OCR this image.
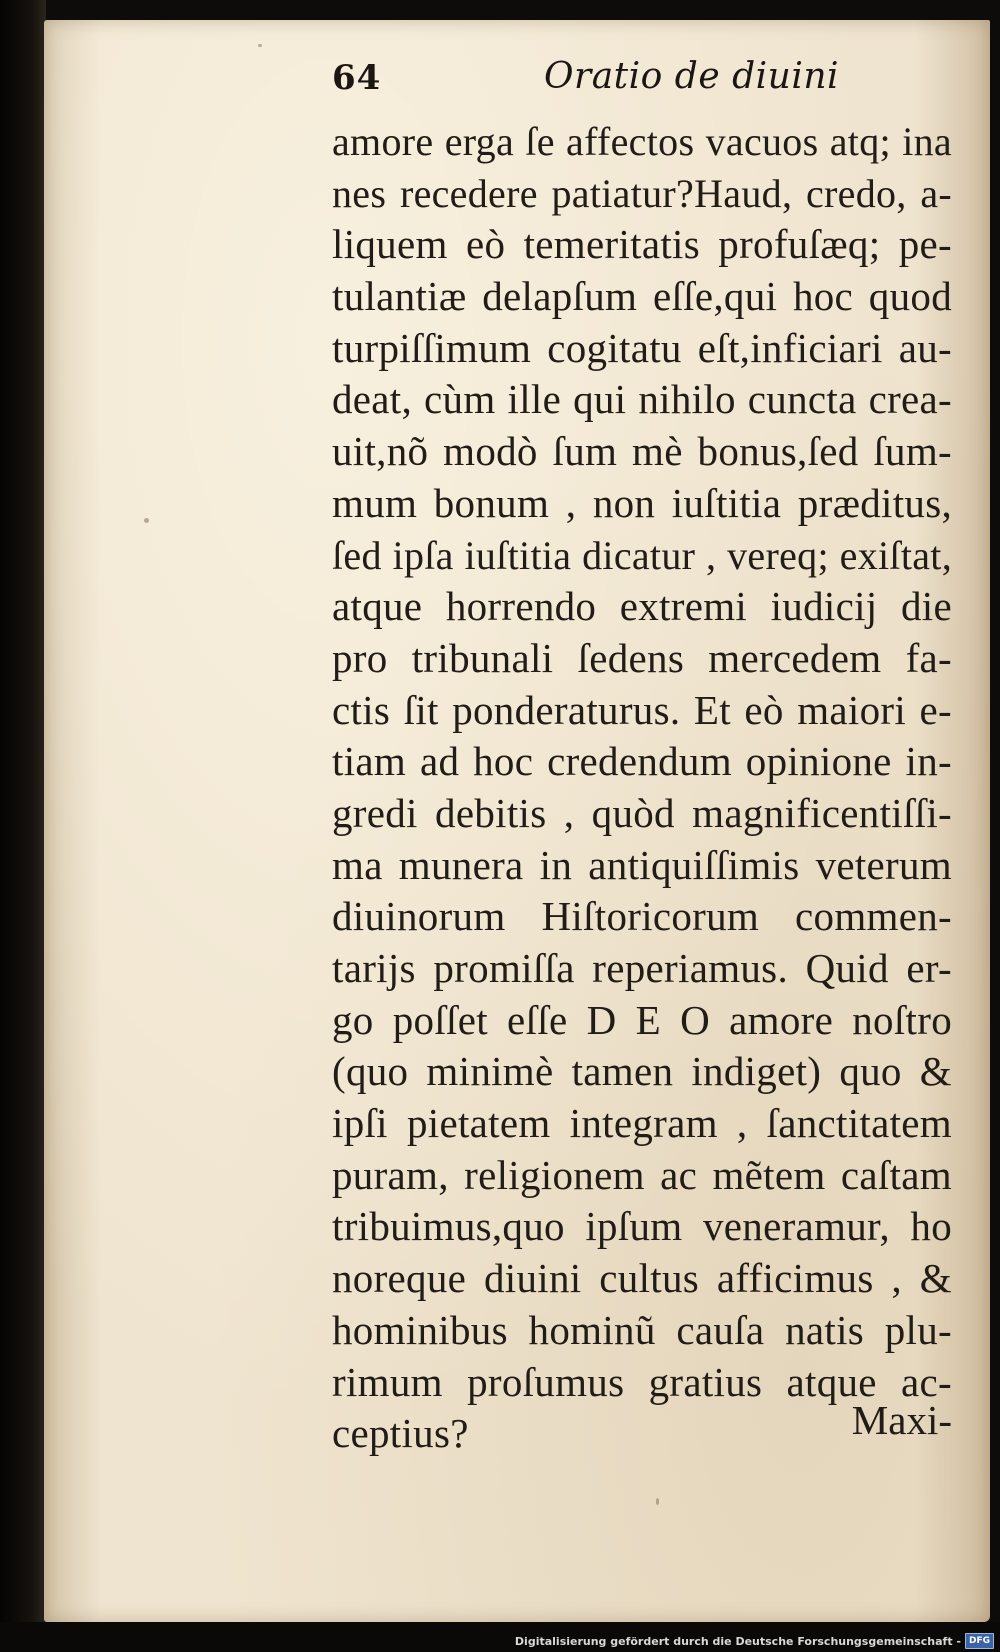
64	Oratio de diuini
amore erga ſe affectos vacuos atq; ina
nes recedere patiatur?Haud, credo, a-
liquem eò temeritatis profuſæq; pe-
tulantiæ delapſum eſſe,qui hoc quod
turpiſſimum cogitatu eſt,inficiari au-
deat, cùm ille qui nihilo cuncta crea-
uit,nõ modò ſum mè bonus,ſed ſum-
mum bonum , non iuſtitia præditus,
ſed ipſa iuſtitia dicatur , vereq; exiſtat,
atque horrendo extremi iudicij die
pro tribunali ſedens mercedem fa-
ctis ſit ponderaturus. Et eò maiori e-
tiam ad hoc credendum opinione in-
gredi debitis , quòd magnificentiſſi-
ma munera in antiquiſſimis veterum
diuinorum Hiſtoricorum commen-
tarijs promiſſa reperiamus. Quid er-
go poſſet eſſe D E O amore noſtro
(quo minimè tamen indiget) quo &
ipſi pietatem integram , ſanctitatem
puram, religionem ac mẽtem caſtam
tribuimus,quo ipſum veneramur, ho
noreque diuini cultus afficimus , &
hominibus hominũ cauſa natis plu-
rimum proſumus gratius atque ac-
ceptius?	Maxi-
Digitalisierung gefördert durch die Deutsche Forschungsgemeinschaft - DFG
